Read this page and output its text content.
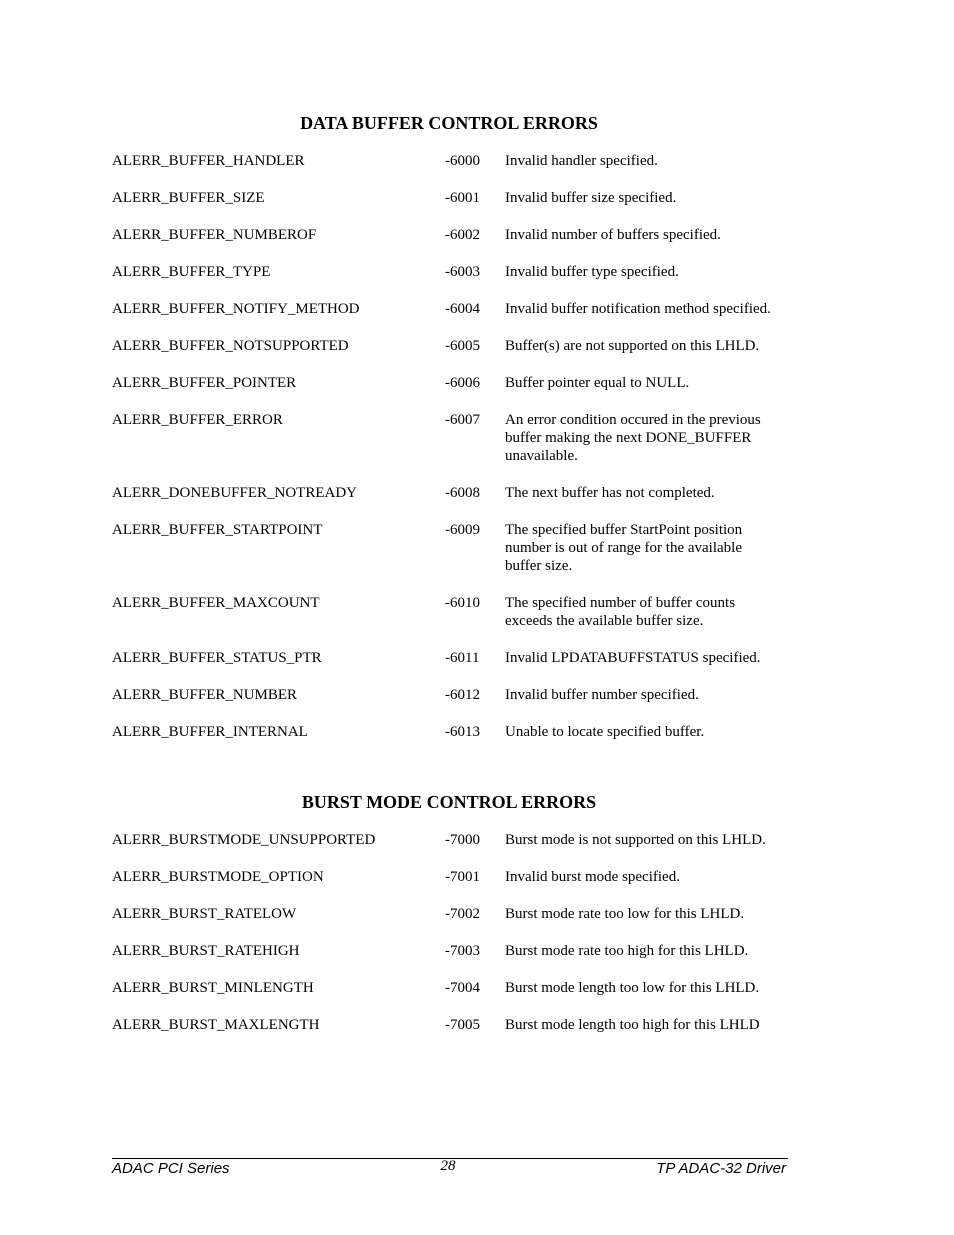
DATA BUFFER CONTROL ERRORS
ALERR_BUFFER_HANDLER	-6000	Invalid handler specified.

ALERR_BUFFER_SIZE	-6001	Invalid buffer size specified.

ALERR_BUFFER_NUMBEROF	-6002	Invalid number of buffers specified.

ALERR_BUFFER_TYPE	-6003	Invalid buffer type specified.

ALERR_BUFFER_NOTIFY_METHOD	-6004	Invalid buffer notification method specified.

ALERR_BUFFER_NOTSUPPORTED	-6005	Buffer(s) are not supported on this LHLD.

ALERR_BUFFER_POINTER	-6006	Buffer pointer equal to NULL.

ALERR_BUFFER_ERROR	-6007	An error condition occured in the previous
buffer making the next DONE_BUFFER
unavailable.

ALERR_DONEBUFFER_NOTREADY	-6008	The next buffer has not completed.

ALERR_BUFFER_STARTPOINT	-6009	The specified buffer StartPoint position
number is out of range for the available
buffer size.

ALERR_BUFFER_MAXCOUNT	-6010	The specified number of buffer counts
exceeds the available buffer size.

ALERR_BUFFER_STATUS_PTR	-6011	Invalid LPDATABUFFSTATUS specified.

ALERR_BUFFER_NUMBER	-6012	Invalid buffer number specified.

ALERR_BUFFER_INTERNAL	-6013	Unable to locate specified buffer.
BURST MODE CONTROL ERRORS
ALERR_BURSTMODE_UNSUPPORTED	-7000	Burst mode is not supported on this LHLD.

ALERR_BURSTMODE_OPTION	-7001	Invalid burst mode specified.

ALERR_BURST_RATELOW	-7002	Burst mode rate too low for this LHLD.

ALERR_BURST_RATEHIGH	-7003	Burst mode rate too high for this LHLD.

ALERR_BURST_MINLENGTH	-7004	Burst mode length too low for this LHLD.

ALERR_BURST_MAXLENGTH	-7005	Burst mode length too high for this LHLD
ADAC PCI Series	28	TP ADAC-32 Driver
